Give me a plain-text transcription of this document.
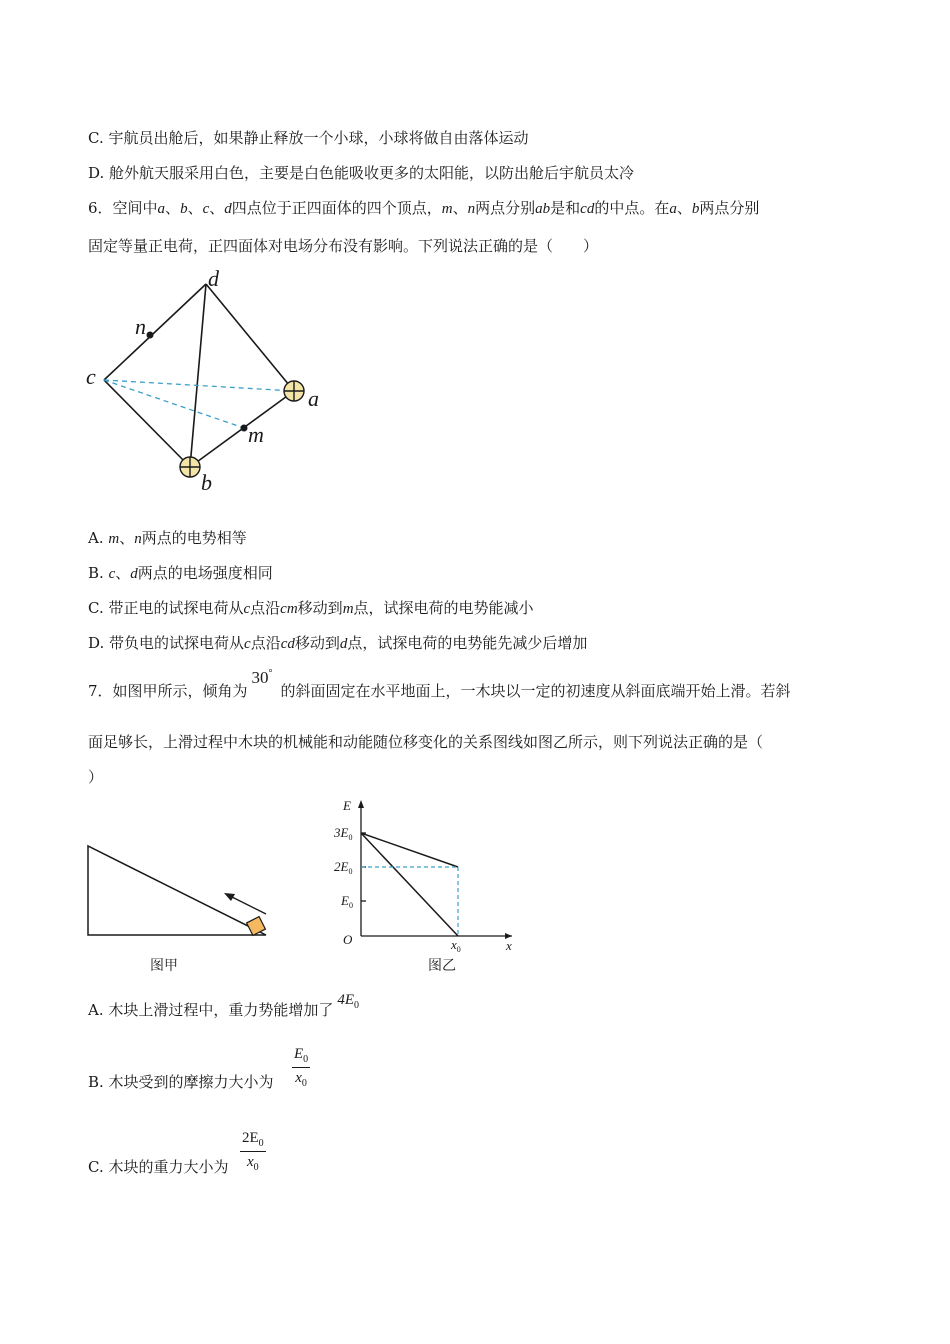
C. 宇航员出舱后，如果静止释放一个小球，小球将做自由落体运动
D. 舱外航天服采用白色，主要是白色能吸收更多的太阳能，以防出舱后宇航员太冷
6．空间中a、b、c、d四点位于正四面体的四个顶点，m、n两点分别ab是和cd的中点。在a、b两点分别
固定等量正电荷，正四面体对电场分布没有影响。下列说法正确的是（　　）
d
n
c
a
m
b
A. m、n两点的电势相等
B. c、d两点的电场强度相同
C. 带正电的试探电荷从c点沿cm移动到m点，试探电荷的电势能减小
D. 带负电的试探电荷从c点沿cd移动到d点，试探电荷的电势能先减少后增加
7．如图甲所示，倾角为30°的斜面固定在水平地面上，一木块以一定的初速度从斜面底端开始上滑。若斜
面足够长，上滑过程中木块的机械能和动能随位移变化的关系图线如图乙所示，则下列说法正确的是（
）
图甲
E
x
O
$3E_0$
$2E_0$
$E_0$
$x_0$
图乙
A. 木块上滑过程中，重力势能增加了$4E_0$
B. 木块受到的摩擦力大小为 $\frac{E_0}{x_0}$
C. 木块的重力大小为 $\frac{2E_0}{x_0}$
